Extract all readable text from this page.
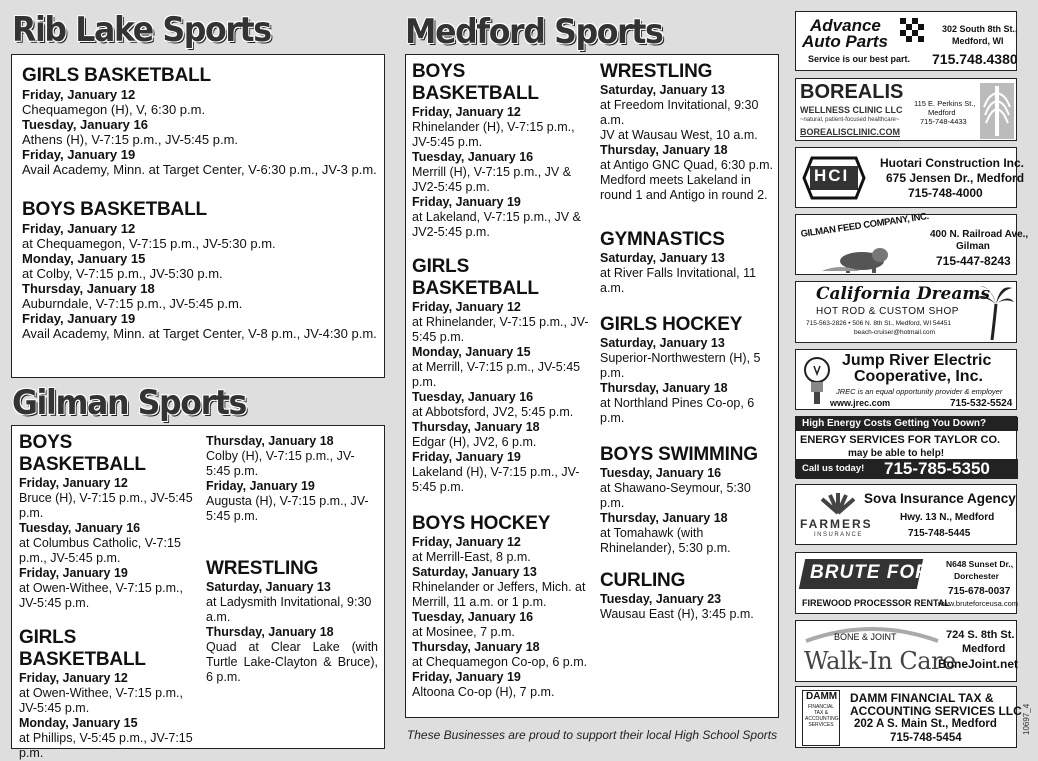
Rib Lake Sports
GIRLS BASKETBALL
Friday, January 12
Chequamegon (H), V, 6:30 p.m.
Tuesday, January 16
Athens (H), V-7:15 p.m., JV-5:45 p.m.
Friday, January 19
Avail Academy, Minn. at Target Center, V-6:30 p.m., JV-3 p.m.
BOYS BASKETBALL
Friday, January 12
at Chequamegon, V-7:15 p.m., JV-5:30 p.m.
Monday, January 15
at Colby, V-7:15 p.m., JV-5:30 p.m.
Thursday, January 18
Auburndale, V-7:15 p.m., JV-5:45 p.m.
Friday, January 19
Avail Academy, Minn. at Target Center, V-8 p.m., JV-4:30 p.m.
Gilman Sports
BOYS BASKETBALL
Friday, January 12
Bruce (H), V-7:15 p.m., JV-5:45 p.m.
Tuesday, January 16
at Columbus Catholic, V-7:15 p.m., JV-5:45 p.m.
Friday, January 19
at Owen-Withee, V-7:15 p.m., JV-5:45 p.m.
GIRLS BASKETBALL
Friday, January 12
at Owen-Withee, V-7:15 p.m., JV-5:45 p.m.
Monday, January 15
at Phillips, V-5:45 p.m., JV-7:15 p.m.
Thursday, January 18
Colby (H), V-7:15 p.m., JV-5:45 p.m.
Friday, January 19
Augusta (H), V-7:15 p.m., JV-5:45 p.m.
WRESTLING
Saturday, January 13
at Ladysmith Invitational, 9:30 a.m.
Thursday, January 18
Quad at Clear Lake (with Turtle Lake-Clayton & Bruce), 6 p.m.
Medford Sports
BOYS BASKETBALL
Friday, January 12
Rhinelander (H), V-7:15 p.m., JV-5:45 p.m.
Tuesday, January 16
Merrill (H), V-7:15 p.m., JV & JV2-5:45 p.m.
Friday, January 19
at Lakeland, V-7:15 p.m., JV & JV2-5:45 p.m.
GIRLS BASKETBALL
Friday, January 12
at Rhinelander, V-7:15 p.m., JV-5:45 p.m.
Monday, January 15
at Merrill, V-7:15 p.m., JV-5:45 p.m.
Tuesday, January 16
at Abbotsford, JV2, 5:45 p.m.
Thursday, January 18
Edgar (H), JV2, 6 p.m.
Friday, January 19
Lakeland (H), V-7:15 p.m., JV-5:45 p.m.
BOYS HOCKEY
Friday, January 12
at Merrill-East, 8 p.m.
Saturday, January 13
Rhinelander or Jeffers, Mich. at Merrill, 11 a.m. or 1 p.m.
Tuesday, January 16
at Mosinee, 7 p.m.
Thursday, January 18
at Chequamegon Co-op, 6 p.m.
Friday, January 19
Altoona Co-op (H), 7 p.m.
WRESTLING
Saturday, January 13
at Freedom Invitational, 9:30 a.m.
JV at Wausau West, 10 a.m.
Thursday, January 18
at Antigo GNC Quad, 6:30 p.m. Medford meets Lakeland in round 1 and Antigo in round 2.
GYMNASTICS
Saturday, January 13
at River Falls Invitational, 11 a.m.
GIRLS HOCKEY
Saturday, January 13
Superior-Northwestern (H), 5 p.m.
Thursday, January 18
at Northland Pines Co-op, 6 p.m.
BOYS SWIMMING
Tuesday, January 16
at Shawano-Seymour, 5:30 p.m.
Thursday, January 18
at Tomahawk (with Rhinelander), 5:30 p.m.
CURLING
Tuesday, January 23
Wausau East (H), 3:45 p.m.
These Businesses are proud to support their local High School Sports
Advance
Auto Parts
Service is our best part.
302 South 8th St.,
Medford, WI
715.748.4380
BOREALIS
WELLNESS CLINIC LLC
~natural, patient-focused healthcare~
BOREALISCLINIC.COM
115 E. Perkins St.,
Medford
715-748-4433
HCI
Huotari Construction Inc.
675 Jensen Dr., Medford
715-748-4000
GILMAN FEED COMPANY, INC. 400 N. Railroad Ave.,
Gilman
715-447-8243
California Dreams
HOT ROD & CUSTOM SHOP
715-563-2826 • 506 N. 8th St., Medford, WI 54451
beach-cruiser@hotmail.com
Jump River Electric
Cooperative, Inc.
JREC is an equal opportunity provider & employer
www.jrec.com	715-532-5524
High Energy Costs Getting You Down?
ENERGY SERVICES FOR TAYLOR CO.
may be able to help!
Call us today! 715-785-5350
FARMERS
INSURANCE
Sova Insurance Agency
Hwy. 13 N., Medford
715-748-5445
BRUTE FORCE
FIREWOOD PROCESSOR RENTAL
N648 Sunset Dr.,
Dorchester
715-678-0037
www.bruteforceusa.com
BONE & JOINT
Walk-In Care
724 S. 8th St.
Medford
BoneJoint.net
DAMM
FINANCIAL TAX & ACCOUNTING SERVICES
DAMM FINANCIAL TAX &
ACCOUNTING SERVICES LLC
202 A S. Main St., Medford
715-748-5454
10697_4
